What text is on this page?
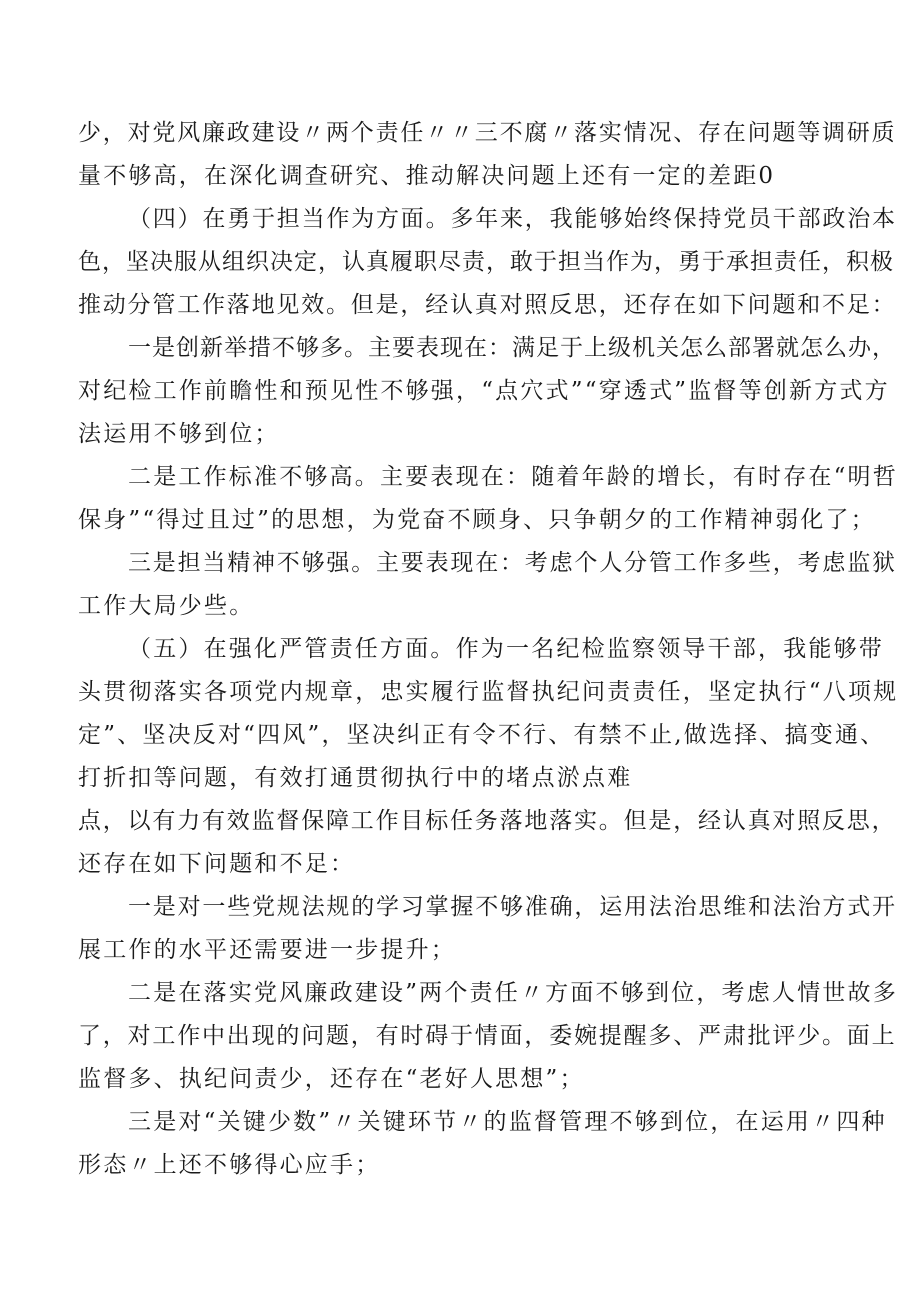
少，对党风廉政建设〃两个责任〃〃三不腐〃落实情况、存在问题等调研质
量不够高，在深化调查研究、推动解决问题上还有一定的差距0
（四）在勇于担当作为方面。多年来，我能够始终保持党员干部政治本
色，坚决服从组织决定，认真履职尽责，敢于担当作为，勇于承担责任，积极
推动分管工作落地见效。但是，经认真对照反思，还存在如下问题和不足：
一是创新举措不够多。主要表现在：满足于上级机关怎么部署就怎么办，
对纪检工作前瞻性和预见性不够强，“点穴式”“穿透式”监督等创新方式方
法运用不够到位；
二是工作标准不够高。主要表现在：随着年龄的增长，有时存在“明哲
保身”“得过且过”的思想，为党奋不顾身、只争朝夕的工作精神弱化了；
三是担当精神不够强。主要表现在：考虑个人分管工作多些，考虑监狱
工作大局少些。
（五）在强化严管责任方面。作为一名纪检监察领导干部，我能够带
头贯彻落实各项党内规章，忠实履行监督执纪问责责任，坚定执行“八项规
定”、坚决反对“四风”，坚决纠正有令不行、有禁不止,做选择、搞变通、
打折扣等问题，有效打通贯彻执行中的堵点淤点难
点，以有力有效监督保障工作目标任务落地落实。但是，经认真对照反思，
还存在如下问题和不足：
一是对一些党规法规的学习掌握不够准确，运用法治思维和法治方式开
展工作的水平还需要进一步提升；
二是在落实党风廉政建设”两个责任〃方面不够到位，考虑人情世故多
了，对工作中出现的问题，有时碍于情面，委婉提醒多、严肃批评少。面上
监督多、执纪问责少，还存在“老好人思想”；
三是对“关键少数”〃关键环节〃的监督管理不够到位，在运用〃四种
形态〃上还不够得心应手；
